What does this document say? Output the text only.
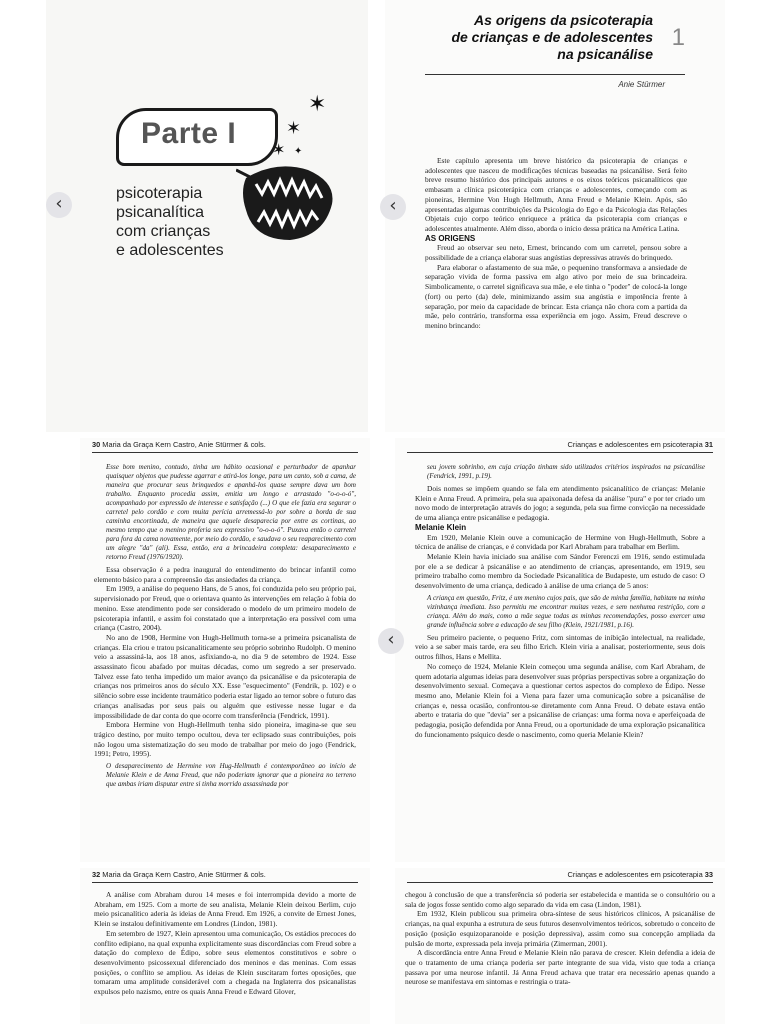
Parte I
✶
✶
✶ ✦
psicoterapia
psicanalítica
com crianças
e adolescentes
‹
As origens da psicoterapia
de crianças e de adolescentes
na psicanálise
1
Anie Stürmer

Este capítulo apresenta um breve histórico da psicoterapia de crianças e adolescentes que nasceu de modificações técnicas baseadas na psicanálise. Será feito breve resumo histórico dos principais autores e os eixos teóricos psicanalíticos que embasam a clínica psicoterápica com crianças e adolescentes, começando com as pioneiras, Hermine Von Hugh Hellmuth, Anna Freud e Melanie Klein. Após, são apresentadas algumas contribuições da Psicologia do Ego e da Psicologia das Relações Objetais cujo corpo teórico enriquece a prática da psicoterapia com crianças e adolescentes atualmente. Além disso, aborda o início dessa prática na América Latina.

AS ORIGENS

Freud ao observar seu neto, Ernest, brincando com um carretel, pensou sobre a possibilidade de a criança elaborar suas angústias depressivas através do brinquedo.

Para elaborar o afastamento de sua mãe, o pequenino transformava a ansiedade de separação vivida de forma passiva em algo ativo por meio de sua brincadeira. Simbolicamente, o carretel significava sua mãe, e ele tinha o "poder" de colocá-la longe (fort) ou perto (da) dele, minimizando assim sua angústia e impotência frente à separação, por meio da capacidade de brincar. Esta criança não chora com a partida da mãe, pelo contrário, transforma essa experiência em jogo. Assim, Freud descreve o menino brincando:

‹
30 Maria da Graça Kern Castro, Anie Stürmer & cols.

Esse bom menino, contudo, tinha um hábito ocasional e perturbador de apanhar quaisquer objetos que pudesse agarrar e atirá-los longe, para um canto, sob a cama, de maneira que procurar seus brinquedos e apanhá-los quase sempre dava um bom trabalho. Enquanto procedia assim, emitia um longo e arrastado "o-o-o-ó", acompanhado por expressão de interesse e satisfação (...) O que ele fazia era segurar o carretel pelo cordão e com muita perícia arremessá-lo por sobre a borda de sua caminha encortinada, de maneira que aquele desaparecia por entre as cortinas, ao mesmo tempo que o menino proferia seu expressivo "o-o-o-ó". Puxava então o carretel para fora da cama novamente, por meio do cordão, e saudava o seu reaparecimento com um alegre "da" (ali). Essa, então, era a brincadeira completa: desaparecimento e retorno Freud (1976/1920).

Essa observação é a pedra inaugural do entendimento do brincar infantil como elemento básico para a compreensão das ansiedades da criança.

Em 1909, a análise do pequeno Hans, de 5 anos, foi conduzida pelo seu próprio pai, supervisionado por Freud, que o orientava quanto às intervenções em relação à fobia do menino. Esse atendimento pode ser considerado o modelo de um primeiro modelo de psicoterapia infantil, e assim foi constatado que a interpretação era possível com uma criança (Castro, 2004).

No ano de 1908, Hermine von Hugh-Hellmuth torna-se a primeira psicanalista de crianças. Ela criou e tratou psicanaliticamente seu próprio sobrinho Rudolph. O menino veio a assassiná-la, aos 18 anos, asfixiando-a, no dia 9 de setembro de 1924. Esse assassinato ficou abafado por muitas décadas, como um segredo a ser preservado. Talvez esse fato tenha impedido um maior avanço da psicanálise e da psicoterapia de crianças nos primeiros anos do século XX. Esse "esquecimento" (Fendrik, p. 102) e o silêncio sobre esse incidente traumático poderia estar ligado ao temor sobre o futuro das crianças analisadas por seus pais ou alguém que estivesse nesse lugar e da impossibilidade de dar conta do que ocorre com transferência (Fendrick, 1991).

Embora Hermine von Hugh-Hellmuth tenha sido pioneira, imagina-se que seu trágico destino, por muito tempo ocultou, deva ter eclipsado suas contribuições, pois não logou uma sistematização do seu modo de trabalhar por meio do jogo (Fendrick, 1991; Petro, 1995).

O desaparecimento de Hermine von Hug-Hellmuth é contemporâneo ao início de Melanie Klein e de Anna Freud, que não poderiam ignorar que a pioneira no terreno que ambas iriam disputar entre si tinha morrido assassinada por

Crianças e adolescentes em psicoterapia 31

seu jovem sobrinho, em cuja criação tinham sido utilizados critérios inspirados na psicanálise (Fendrick, 1991, p.19).

Dois nomes se impõem quando se fala em atendimento psicanalítico de crianças: Melanie Klein e Anna Freud. A primeira, pela sua apaixonada defesa da análise "pura" e por ter criado um novo modo de interpretação através do jogo; a segunda, pela sua firme convicção na necessidade de uma aliança entre psicanálise e pedagogia.

Melanie Klein

Em 1920, Melanie Klein ouve a comunicação de Hermine von Hugh-Hellmuth, Sobre a técnica de análise de crianças, e é convidada por Karl Abraham para trabalhar em Berlim.

Melanie Klein havia iniciado sua análise com Sándor Ferenczi em 1916, sendo estimulada por ele a se dedicar à psicanálise e ao atendimento de crianças, apresentando, em 1919, seu primeiro trabalho como membro da Sociedade Psicanalítica de Budapeste, um estudo de caso: O desenvolvimento de uma criança, dedicado à análise de uma criança de 5 anos:

A criança em questão, Fritz, é um menino cujos pais, que são de minha família, habitam na minha vizinhança imediata. Isso permitiu me encontrar muitas vezes, e sem nenhuma restrição, com a criança. Além do mais, como a mãe segue todas as minhas recomendações, posso exercer uma grande influência sobre a educação de seu filho (Klein, 1921/1981, p.16).

Seu primeiro paciente, o pequeno Fritz, com sintomas de inibição intelectual, na realidade, veio a se saber mais tarde, era seu filho Erich. Klein viria a analisar, posteriormente, seus dois outros filhos, Hans e Mellita.

No começo de 1924, Melanie Klein começou uma segunda análise, com Karl Abraham, de quem adotaria algumas ideias para desenvolver suas próprias perspectivas sobre a organização do desenvolvimento sexual. Começava a questionar certos aspectos do complexo de Édipo. Nesse mesmo ano, Melanie Klein foi a Viena para fazer uma comunicação sobre a psicanálise de crianças e, nessa ocasião, confrontou-se diretamente com Anna Freud. O debate estava então aberto e trataria do que "devia" ser a psicanálise de crianças: uma forma nova e aperfeiçoada de pedagogia, posição defendida por Anna Freud, ou a oportunidade de uma exploração psicanalítica do funcionamento psíquico desde o nascimento, como queria Melanie Klein?

‹
32 Maria da Graça Kern Castro, Anie Stürmer & cols.

A análise com Abraham durou 14 meses e foi interrompida devido a morte de Abraham, em 1925. Com a morte de seu analista, Melanie Klein deixou Berlim, cujo meio psicanalítico aderia às ideias de Anna Freud. Em 1926, a convite de Ernest Jones, Klein se instalou definitivamente em Londres (Lindon, 1981).

Em setembro de 1927, Klein apresentou uma comunicação, Os estádios precoces do conflito edipiano, na qual expunha explicitamente suas discordâncias com Freud sobre a datação do complexo de Édipo, sobre seus elementos constitutivos e sobre o desenvolvimento psicossexual diferenciado dos meninos e das meninas. Com essas posições, o conflito se ampliou. As ideias de Klein suscitaram fortes oposições, que tomaram uma amplitude considerável com a chegada na Inglaterra dos psicanalistas expulsos pelo nazismo, entre os quais Anna Freud e Edward Glover,

Crianças e adolescentes em psicoterapia 33

chegou à conclusão de que a transferência só poderia ser estabelecida e mantida se o consultório ou a sala de jogos fosse sentido como algo separado da vida em casa (Lindon, 1981).

Em 1932, Klein publicou sua primeira obra-síntese de seus históricos clínicos, A psicanálise de crianças, na qual expunha a estrutura de seus futuros desenvolvimentos teóricos, sobretudo o conceito de posição (posição esquizoparanoide e posição depressiva), assim como sua concepção ampliada da pulsão de morte, expressada pela inveja primária (Zimerman, 2001).

A discordância entre Anna Freud e Melanie Klein não parava de crescer. Klein defendia a ideia de que o tratamento de uma criança poderia ser parte integrante de sua vida, visto que toda a criança passava por uma neurose infantil. Já Anna Freud achava que tratar era necessário apenas quando a neurose se manifestava em sintomas e restringia o trata-
